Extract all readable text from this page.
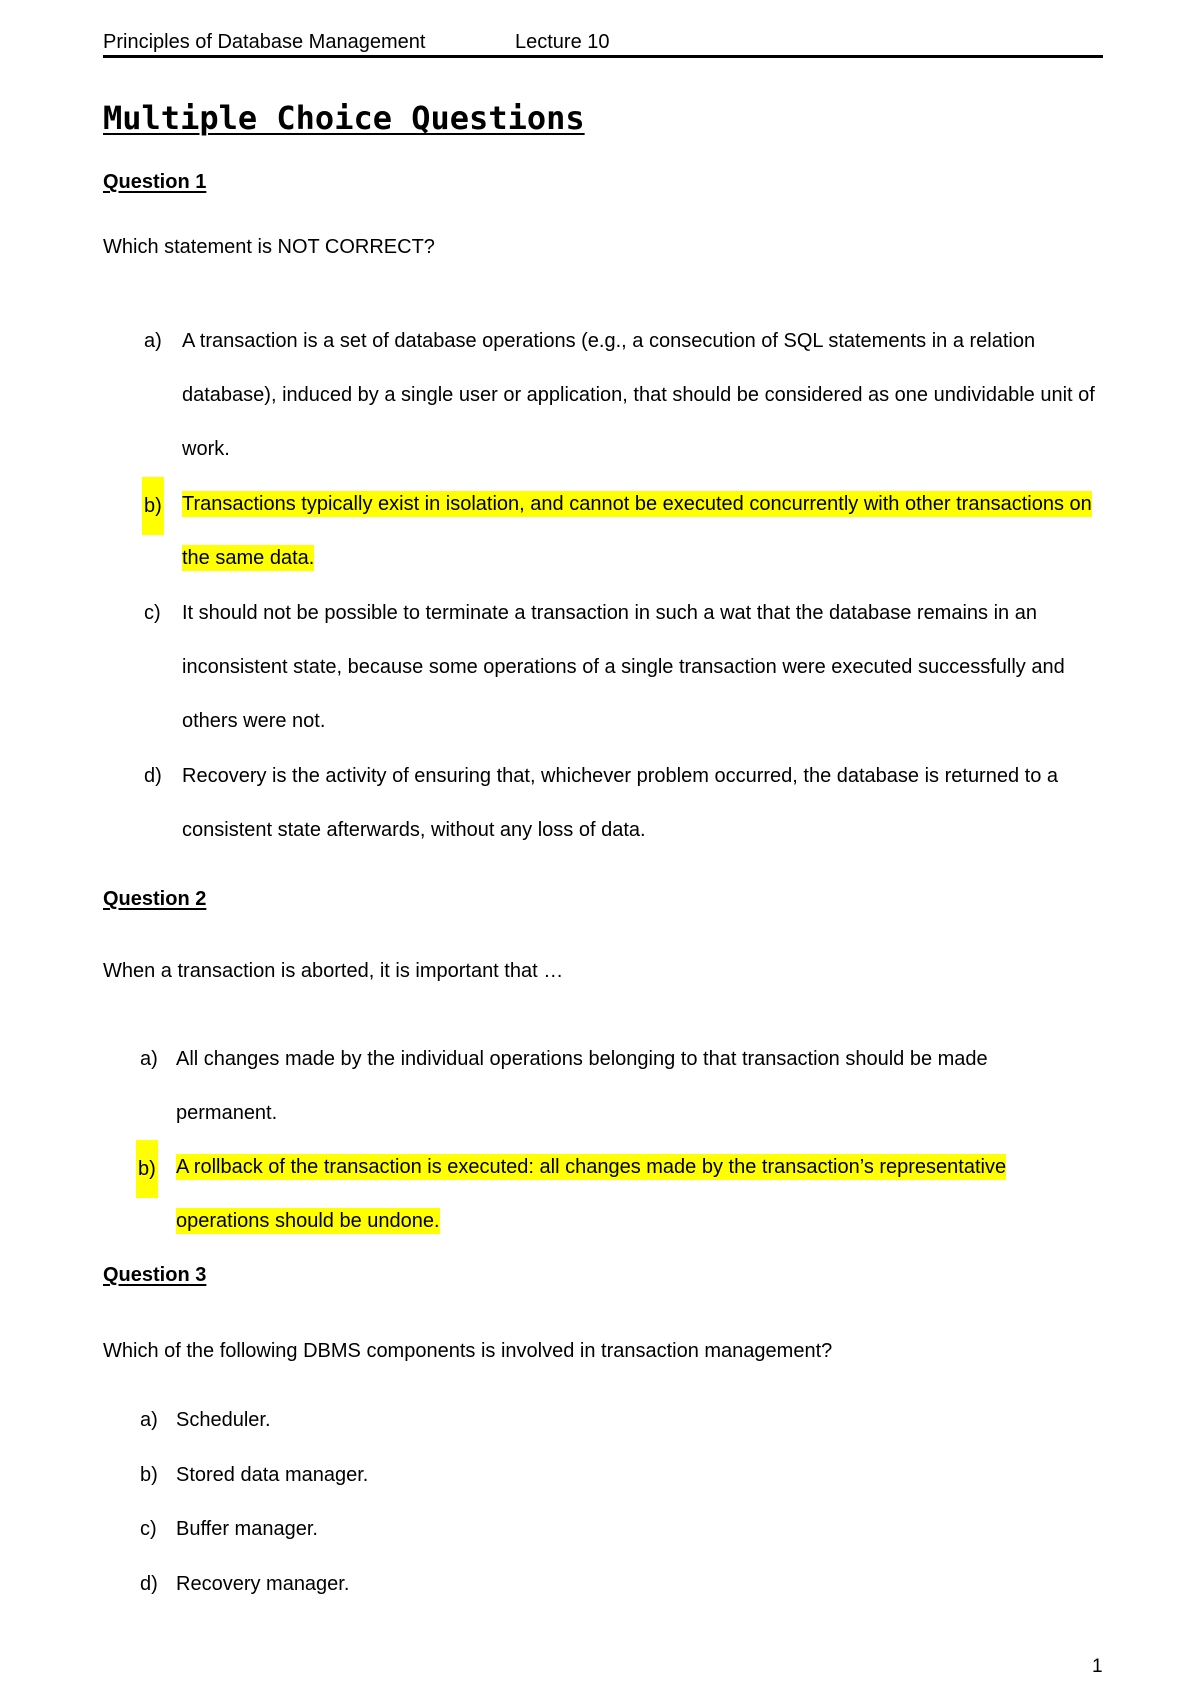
Principles of Database Management	Lecture 10
Multiple Choice Questions
Question 1
Which statement is NOT CORRECT?
a) A transaction is a set of database operations (e.g., a consecution of SQL statements in a relation database), induced by a single user or application, that should be considered as one undividable unit of work.
b) Transactions typically exist in isolation, and cannot be executed concurrently with other transactions on the same data.
c) It should not be possible to terminate a transaction in such a wat that the database remains in an inconsistent state, because some operations of a single transaction were executed successfully and others were not.
d) Recovery is the activity of ensuring that, whichever problem occurred, the database is returned to a consistent state afterwards, without any loss of data.
Question 2
When a transaction is aborted, it is important that …
a) All changes made by the individual operations belonging to that transaction should be made permanent.
b) A rollback of the transaction is executed: all changes made by the transaction’s representative operations should be undone.
Question 3
Which of the following DBMS components is involved in transaction management?
a) Scheduler.
b) Stored data manager.
c) Buffer manager.
d) Recovery manager.
1
